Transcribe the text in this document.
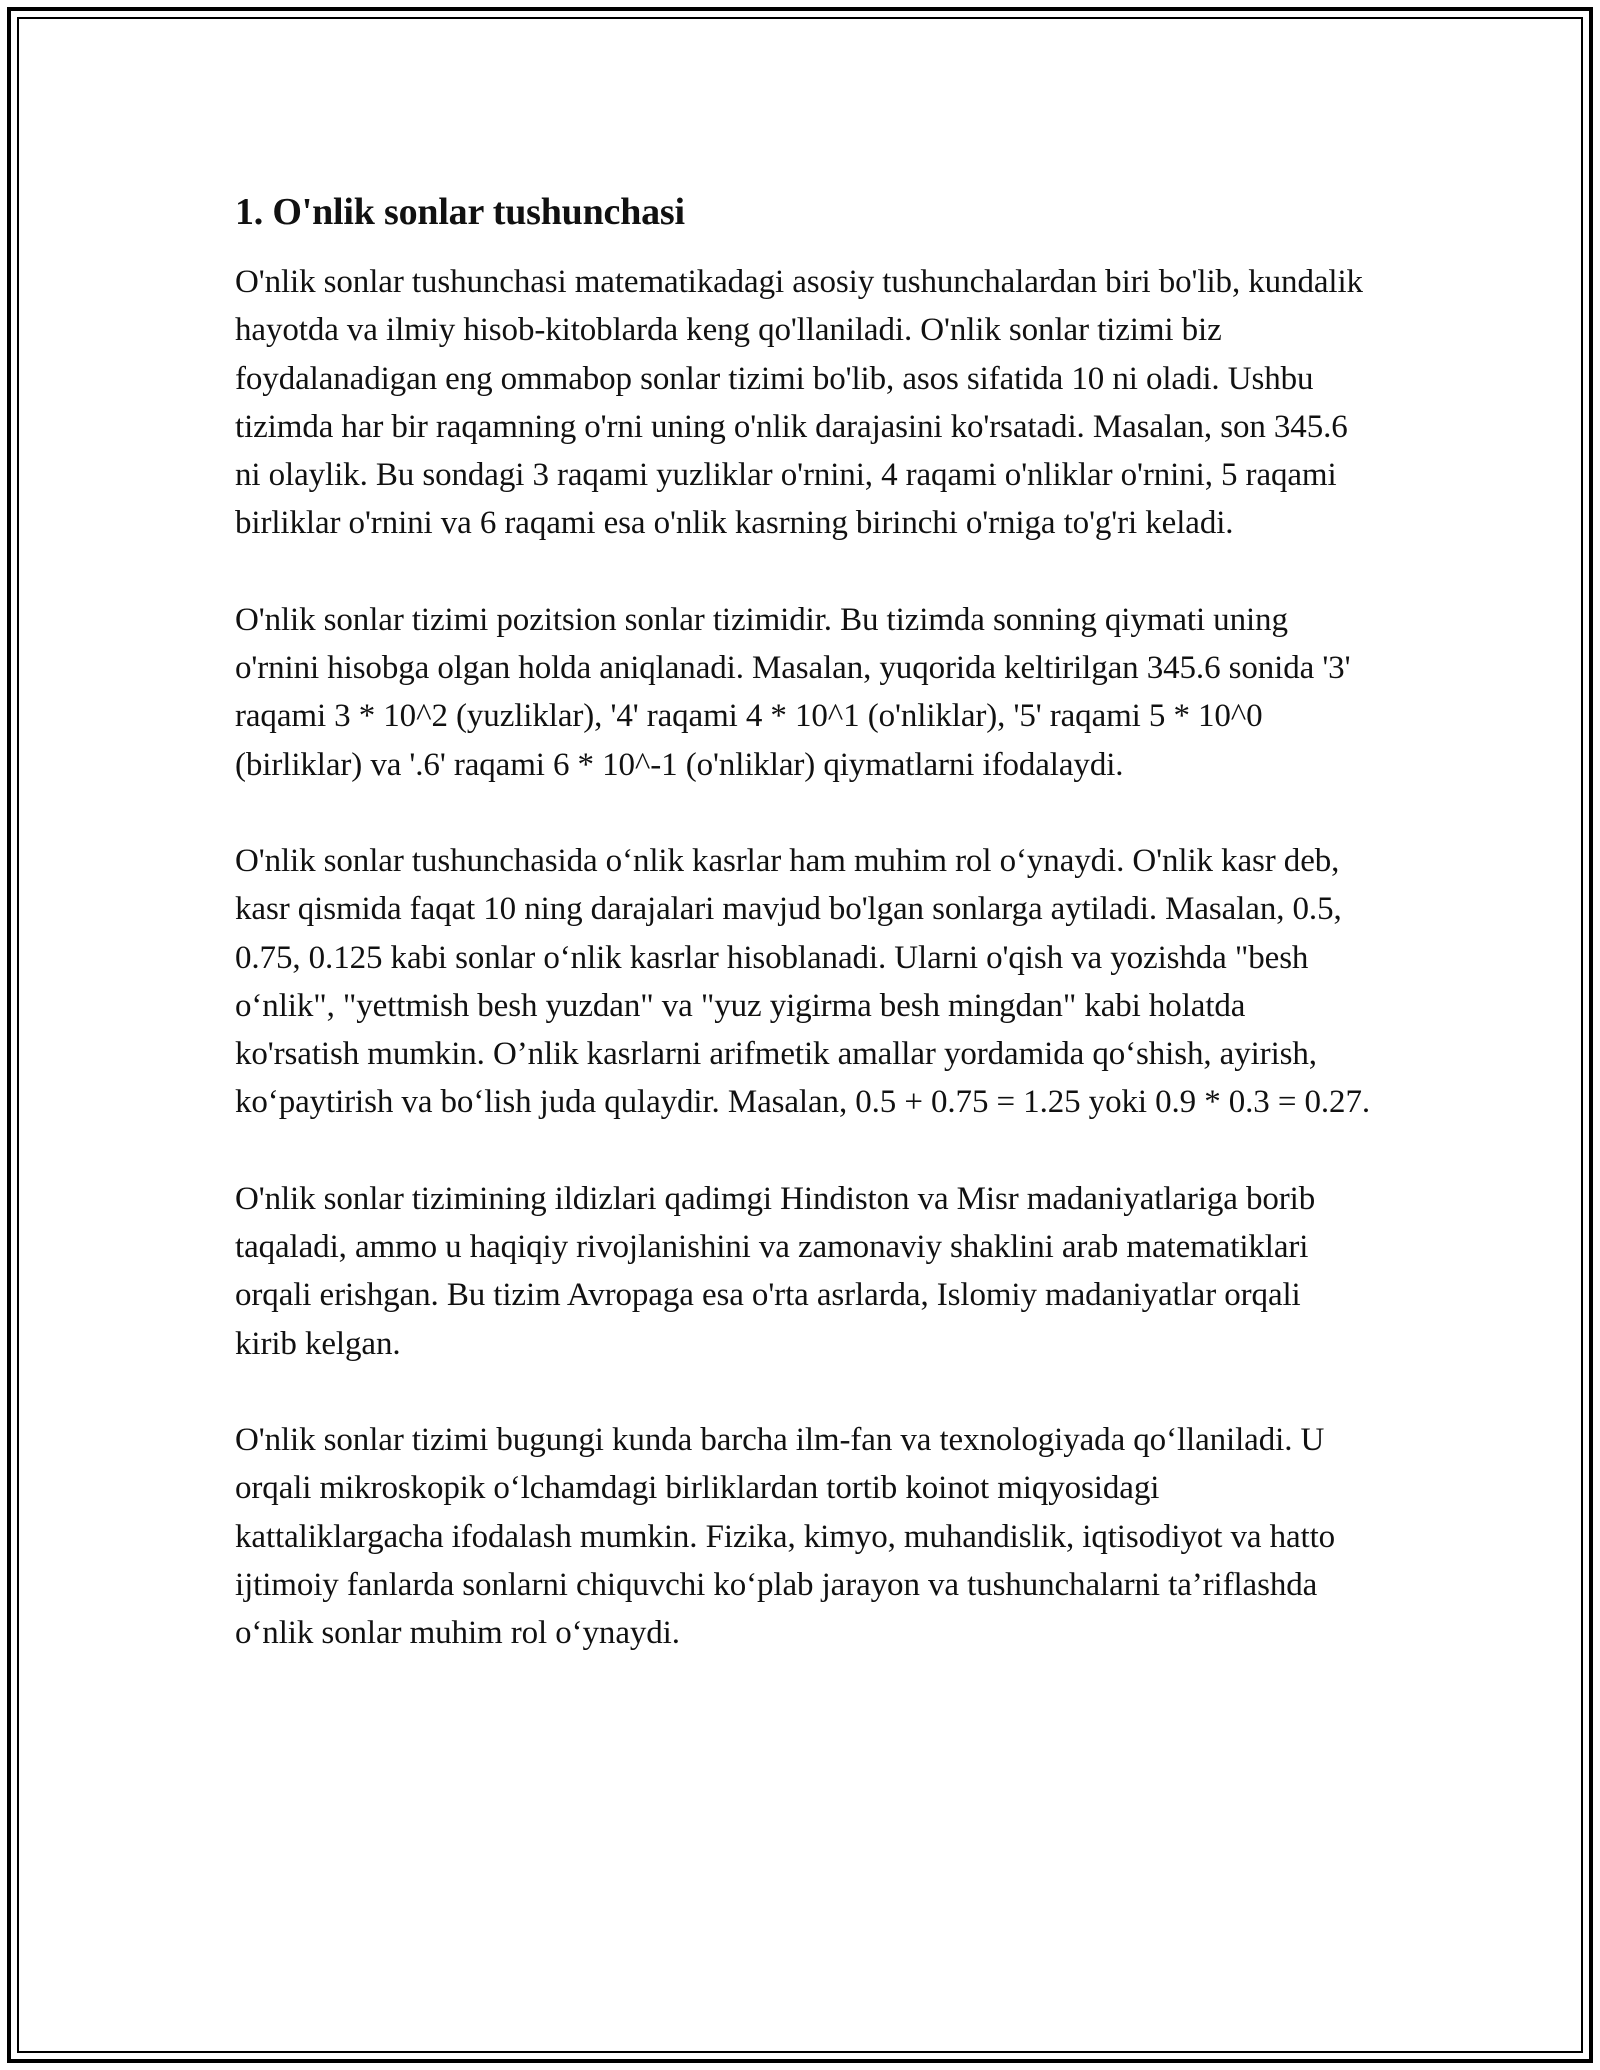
1. O'nlik sonlar tushunchasi

O'nlik sonlar tushunchasi matematikadagi asosiy tushunchalardan biri bo'lib, kundalik hayotda va ilmiy hisob-kitoblarda keng qo'llaniladi. O'nlik sonlar tizimi biz foydalanadigan eng ommabop sonlar tizimi bo'lib, asos sifatida 10 ni oladi. Ushbu tizimda har bir raqamning o'rni uning o'nlik darajasini ko'rsatadi. Masalan, son 345.6 ni olaylik. Bu sondagi 3 raqami yuzliklar o'rnini, 4 raqami o'nliklar o'rnini, 5 raqami birliklar o'rnini va 6 raqami esa o'nlik kasrning birinchi o'rniga to'g'ri keladi.

O'nlik sonlar tizimi pozitsion sonlar tizimidir. Bu tizimda sonning qiymati uning o'rnini hisobga olgan holda aniqlanadi. Masalan, yuqorida keltirilgan 345.6 sonida '3' raqami 3 * 10^2 (yuzliklar), '4' raqami 4 * 10^1 (o'nliklar), '5' raqami 5 * 10^0 (birliklar) va '.6' raqami 6 * 10^-1 (o'nliklar) qiymatlarni ifodalaydi.

O'nlik sonlar tushunchasida o‘nlik kasrlar ham muhim rol o‘ynaydi. O'nlik kasr deb, kasr qismida faqat 10 ning darajalari mavjud bo'lgan sonlarga aytiladi. Masalan, 0.5, 0.75, 0.125 kabi sonlar o‘nlik kasrlar hisoblanadi. Ularni o'qish va yozishda "besh o‘nlik", "yettmish besh yuzdan" va "yuz yigirma besh mingdan" kabi holatda ko'rsatish mumkin. O’nlik kasrlarni arifmetik amallar yordamida qo‘shish, ayirish, ko‘paytirish va bo‘lish juda qulaydir. Masalan, 0.5 + 0.75 = 1.25 yoki 0.9 * 0.3 = 0.27.

O'nlik sonlar tizimining ildizlari qadimgi Hindiston va Misr madaniyatlariga borib taqaladi, ammo u haqiqiy rivojlanishini va zamonaviy shaklini arab matematiklari orqali erishgan. Bu tizim Avropaga esa o'rta asrlarda, Islomiy madaniyatlar orqali kirib kelgan.

O'nlik sonlar tizimi bugungi kunda barcha ilm-fan va texnologiyada qo‘llaniladi. U orqali mikroskopik o‘lchamdagi birliklardan tortib koinot miqyosidagi kattaliklargacha ifodalash mumkin. Fizika, kimyo, muhandislik, iqtisodiyot va hatto ijtimoiy fanlarda sonlarni chiquvchi ko‘plab jarayon va tushunchalarni ta’riflashda o‘nlik sonlar muhim rol o‘ynaydi.
